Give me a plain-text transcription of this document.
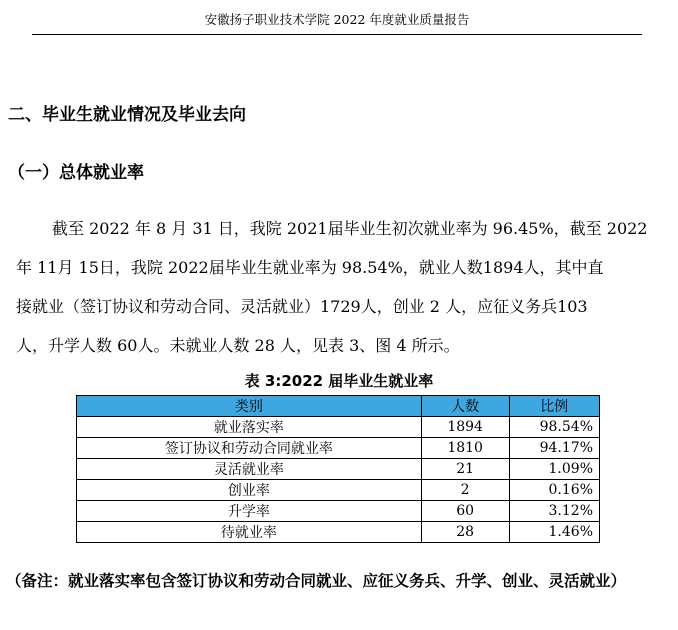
安徽扬子职业技术学院 2022 年度就业质量报告
二、毕业生就业情况及毕业去向
（一）总体就业率
截至 2022 年 8 月 31 日，我院 2021届毕业生初次就业率为 96.45%，截至 2022
年 11月 15日，我院 2022届毕业生就业率为 98.54%，就业人数1894人，其中直
接就业（签订协议和劳动合同、灵活就业）1729人，创业 2 人，应征义务兵103
人，升学人数 60人。未就业人数 28 人，见表 3、图 4 所示。
表 3:2022 届毕业生就业率
类别	人数	比例
就业落实率	1894	98.54%
签订协议和劳动合同就业率	1810	94.17%
灵活就业率	21	1.09%
创业率	2	0.16%
升学率	60	3.12%
待就业率	28	1.46%
（备注：就业落实率包含签订协议和劳动合同就业、应征义务兵、升学、创业、灵活就业）
